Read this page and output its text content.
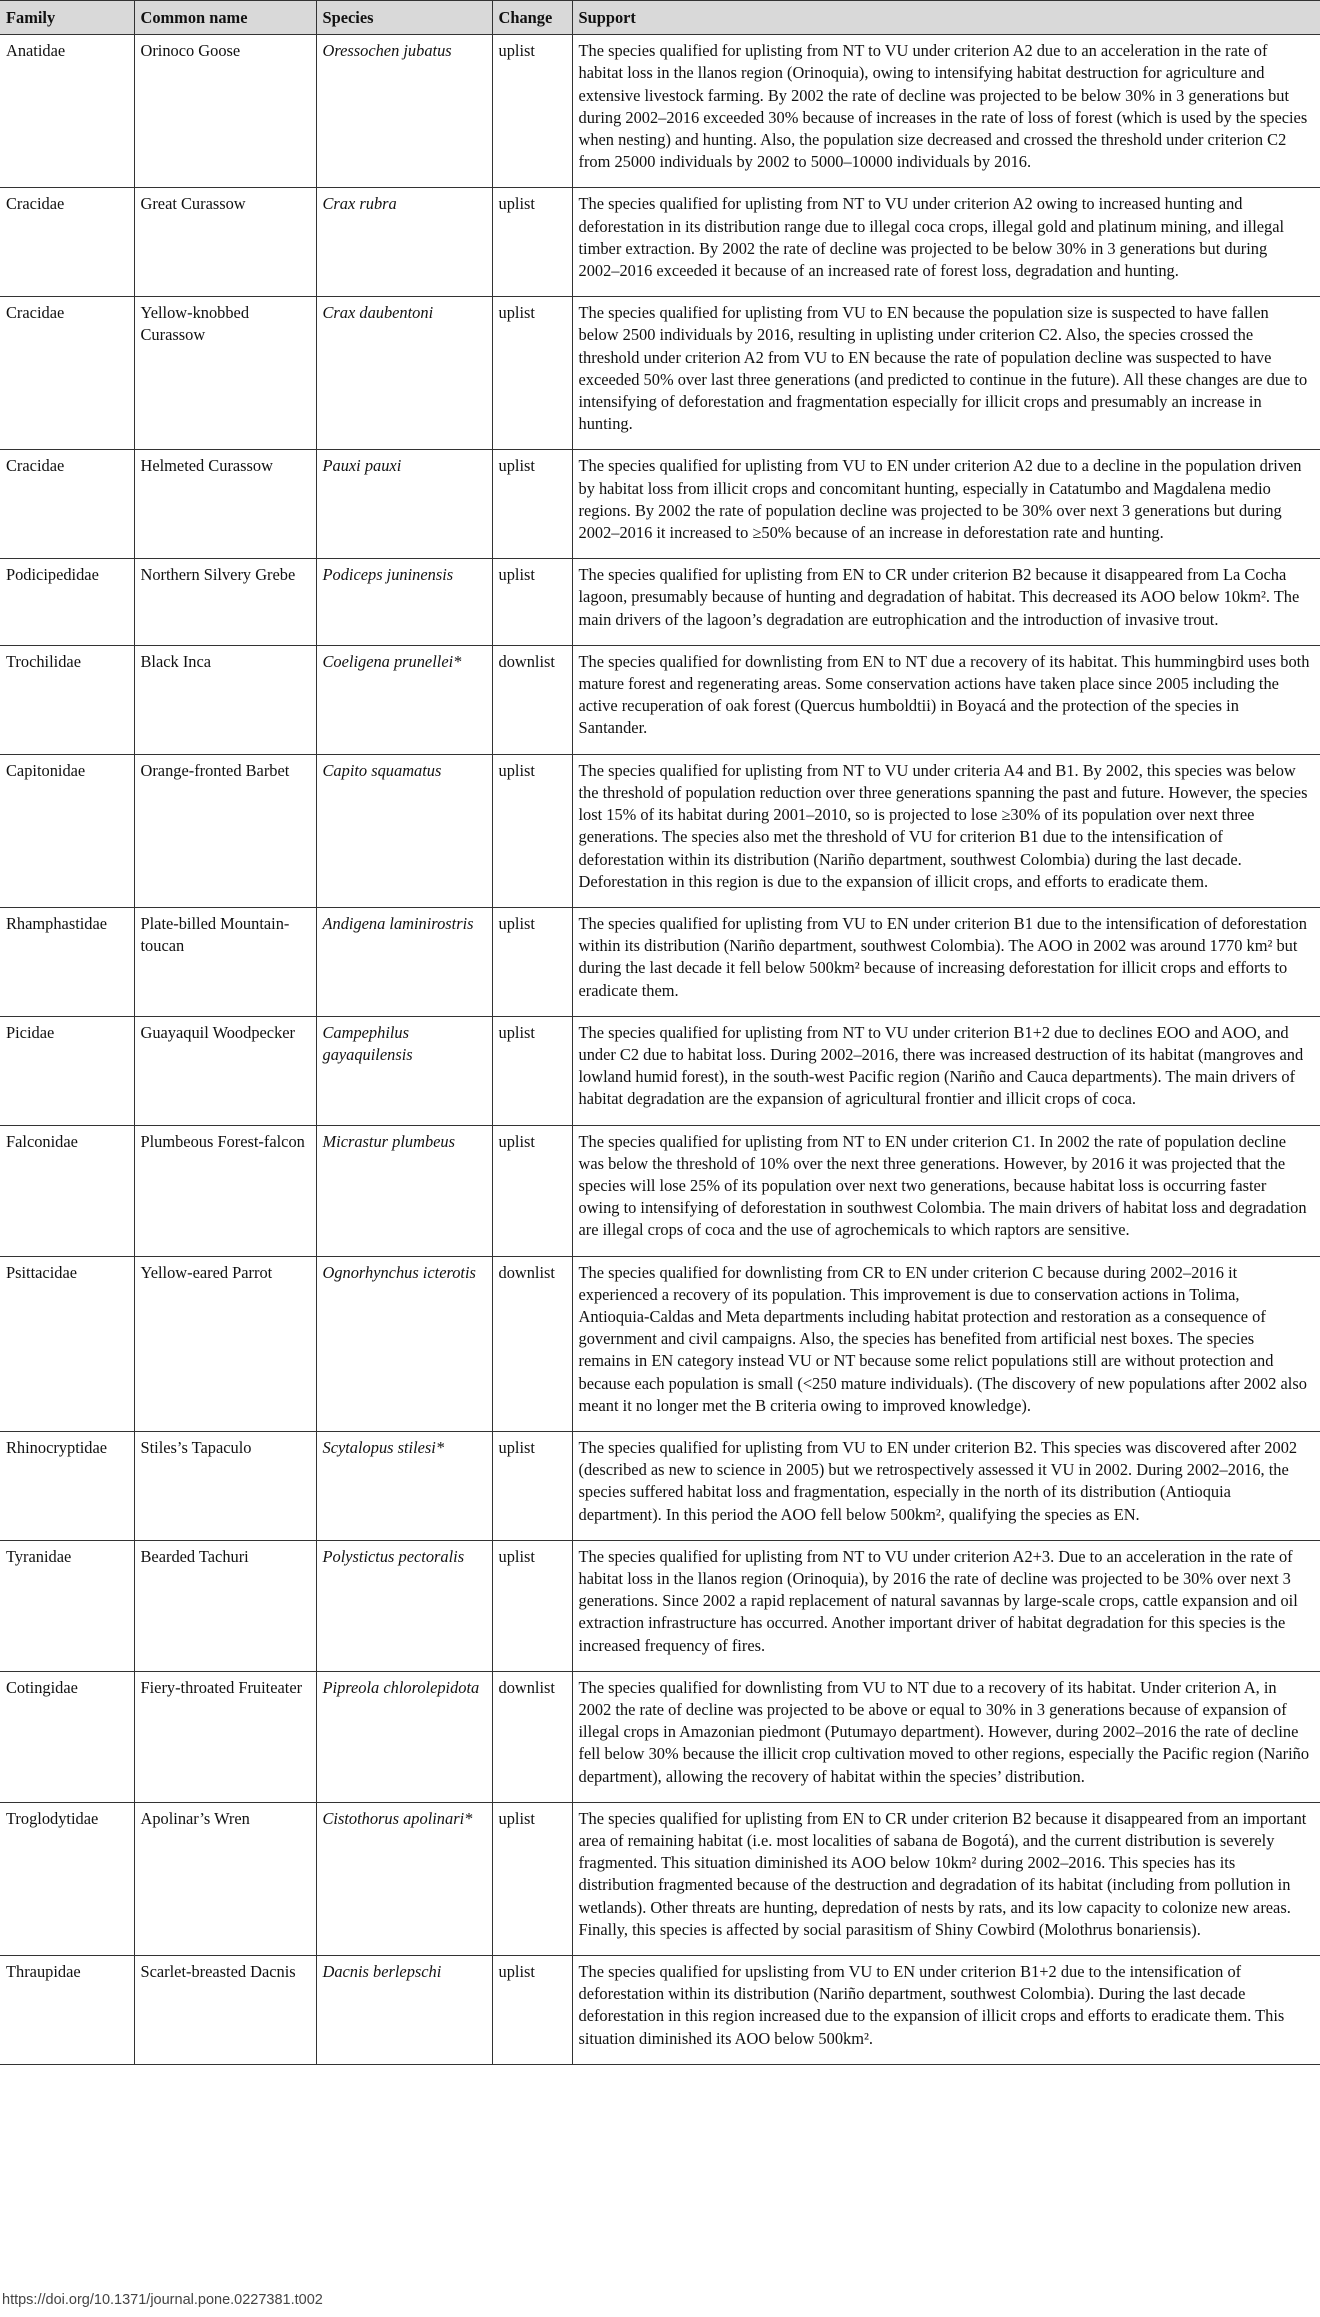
Family	Common name	Species	Change	Support
Anatidae	Orinoco Goose	Oressochen jubatus	uplist	The species qualified for uplisting from NT to VU under criterion A2 due to an acceleration in the rate of habitat loss in the llanos region (Orinoquia), owing to intensifying habitat destruction for agriculture and extensive livestock farming. By 2002 the rate of decline was projected to be below 30% in 3 generations but during 2002–2016 exceeded 30% because of increases in the rate of loss of forest (which is used by the species when nesting) and hunting. Also, the population size decreased and crossed the threshold under criterion C2 from 25000 individuals by 2002 to 5000–10000 individuals by 2016.
Cracidae	Great Curassow	Crax rubra	uplist	The species qualified for uplisting from NT to VU under criterion A2 owing to increased hunting and deforestation in its distribution range due to illegal coca crops, illegal gold and platinum mining, and illegal timber extraction. By 2002 the rate of decline was projected to be below 30% in 3 generations but during 2002–2016 exceeded it because of an increased rate of forest loss, degradation and hunting.
Cracidae	Yellow-knobbed Curassow	Crax daubentoni	uplist	The species qualified for uplisting from VU to EN because the population size is suspected to have fallen below 2500 individuals by 2016, resulting in uplisting under criterion C2. Also, the species crossed the threshold under criterion A2 from VU to EN because the rate of population decline was suspected to have exceeded 50% over last three generations (and predicted to continue in the future). All these changes are due to intensifying of deforestation and fragmentation especially for illicit crops and presumably an increase in hunting.
Cracidae	Helmeted Curassow	Pauxi pauxi	uplist	The species qualified for uplisting from VU to EN under criterion A2 due to a decline in the population driven by habitat loss from illicit crops and concomitant hunting, especially in Catatumbo and Magdalena medio regions. By 2002 the rate of population decline was projected to be 30% over next 3 generations but during 2002–2016 it increased to ≥50% because of an increase in deforestation rate and hunting.
Podicipedidae	Northern Silvery Grebe	Podiceps juninensis	uplist	The species qualified for uplisting from EN to CR under criterion B2 because it disappeared from La Cocha lagoon, presumably because of hunting and degradation of habitat. This decreased its AOO below 10km². The main drivers of the lagoon’s degradation are eutrophication and the introduction of invasive trout.
Trochilidae	Black Inca	Coeligena prunellei*	downlist	The species qualified for downlisting from EN to NT due a recovery of its habitat. This hummingbird uses both mature forest and regenerating areas. Some conservation actions have taken place since 2005 including the active recuperation of oak forest (Quercus humboldtii) in Boyacá and the protection of the species in Santander.
Capitonidae	Orange-fronted Barbet	Capito squamatus	uplist	The species qualified for uplisting from NT to VU under criteria A4 and B1. By 2002, this species was below the threshold of population reduction over three generations spanning the past and future. However, the species lost 15% of its habitat during 2001–2010, so is projected to lose ≥30% of its population over next three generations. The species also met the threshold of VU for criterion B1 due to the intensification of deforestation within its distribution (Nariño department, southwest Colombia) during the last decade. Deforestation in this region is due to the expansion of illicit crops, and efforts to eradicate them.
Rhamphastidae	Plate-billed Mountain-toucan	Andigena laminirostris	uplist	The species qualified for uplisting from VU to EN under criterion B1 due to the intensification of deforestation within its distribution (Nariño department, southwest Colombia). The AOO in 2002 was around 1770 km² but during the last decade it fell below 500km² because of increasing deforestation for illicit crops and efforts to eradicate them.
Picidae	Guayaquil Woodpecker	Campephilus gayaquilensis	uplist	The species qualified for uplisting from NT to VU under criterion B1+2 due to declines EOO and AOO, and under C2 due to habitat loss. During 2002–2016, there was increased destruction of its habitat (mangroves and lowland humid forest), in the south-west Pacific region (Nariño and Cauca departments). The main drivers of habitat degradation are the expansion of agricultural frontier and illicit crops of coca.
Falconidae	Plumbeous Forest-falcon	Micrastur plumbeus	uplist	The species qualified for uplisting from NT to EN under criterion C1. In 2002 the rate of population decline was below the threshold of 10% over the next three generations. However, by 2016 it was projected that the species will lose 25% of its population over next two generations, because habitat loss is occurring faster owing to intensifying of deforestation in southwest Colombia. The main drivers of habitat loss and degradation are illegal crops of coca and the use of agrochemicals to which raptors are sensitive.
Psittacidae	Yellow-eared Parrot	Ognorhynchus icterotis	downlist	The species qualified for downlisting from CR to EN under criterion C because during 2002–2016 it experienced a recovery of its population. This improvement is due to conservation actions in Tolima, Antioquia-Caldas and Meta departments including habitat protection and restoration as a consequence of government and civil campaigns. Also, the species has benefited from artificial nest boxes. The species remains in EN category instead VU or NT because some relict populations still are without protection and because each population is small (<250 mature individuals). (The discovery of new populations after 2002 also meant it no longer met the B criteria owing to improved knowledge).
Rhinocryptidae	Stiles’s Tapaculo	Scytalopus stilesi*	uplist	The species qualified for uplisting from VU to EN under criterion B2. This species was discovered after 2002 (described as new to science in 2005) but we retrospectively assessed it VU in 2002. During 2002–2016, the species suffered habitat loss and fragmentation, especially in the north of its distribution (Antioquia department). In this period the AOO fell below 500km², qualifying the species as EN.
Tyranidae	Bearded Tachuri	Polystictus pectoralis	uplist	The species qualified for uplisting from NT to VU under criterion A2+3. Due to an acceleration in the rate of habitat loss in the llanos region (Orinoquia), by 2016 the rate of decline was projected to be 30% over next 3 generations. Since 2002 a rapid replacement of natural savannas by large-scale crops, cattle expansion and oil extraction infrastructure has occurred. Another important driver of habitat degradation for this species is the increased frequency of fires.
Cotingidae	Fiery-throated Fruiteater	Pipreola chlorolepidota	downlist	The species qualified for downlisting from VU to NT due to a recovery of its habitat. Under criterion A, in 2002 the rate of decline was projected to be above or equal to 30% in 3 generations because of expansion of illegal crops in Amazonian piedmont (Putumayo department). However, during 2002–2016 the rate of decline fell below 30% because the illicit crop cultivation moved to other regions, especially the Pacific region (Nariño department), allowing the recovery of habitat within the species’ distribution.
Troglodytidae	Apolinar’s Wren	Cistothorus apolinari*	uplist	The species qualified for uplisting from EN to CR under criterion B2 because it disappeared from an important area of remaining habitat (i.e. most localities of sabana de Bogotá), and the current distribution is severely fragmented. This situation diminished its AOO below 10km² during 2002–2016. This species has its distribution fragmented because of the destruction and degradation of its habitat (including from pollution in wetlands). Other threats are hunting, depredation of nests by rats, and its low capacity to colonize new areas. Finally, this species is affected by social parasitism of Shiny Cowbird (Molothrus bonariensis).
Thraupidae	Scarlet-breasted Dacnis	Dacnis berlepschi	uplist	The species qualified for upslisting from VU to EN under criterion B1+2 due to the intensification of deforestation within its distribution (Nariño department, southwest Colombia). During the last decade deforestation in this region increased due to the expansion of illicit crops and efforts to eradicate them. This situation diminished its AOO below 500km².
https://doi.org/10.1371/journal.pone.0227381.t002
